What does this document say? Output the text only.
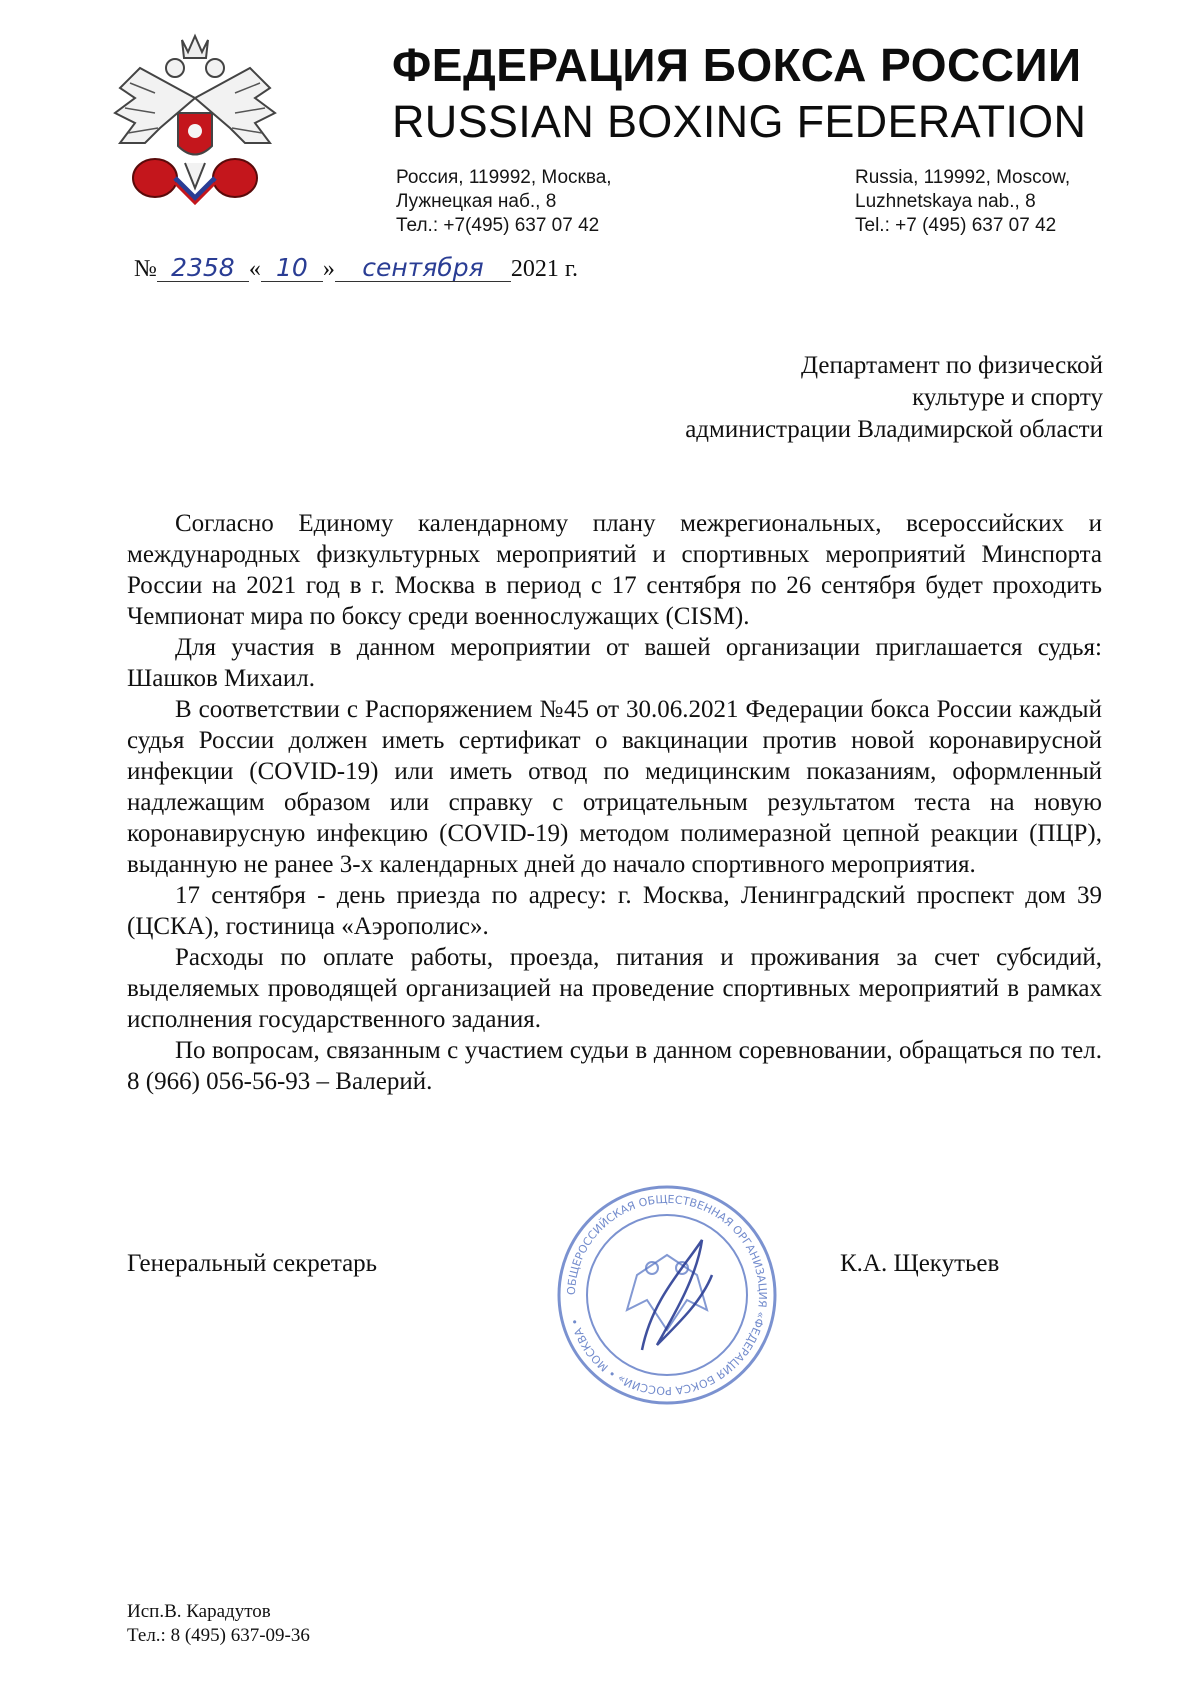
ФЕДЕРАЦИЯ БОКСА РОССИИ
RUSSIAN BOXING FEDERATION
Россия, 119992, Москва,
Лужнецкая наб., 8
Тел.: +7(495) 637 07 42
Russia, 119992, Moscow,
Luzhnetskaya nab., 8
Tel.: +7 (495) 637 07 42
№ 2358 « 10 » сентября 2021 г.
Департамент по физической
культуре и спорту
администрации Владимирской области

Согласно Единому календарному плану межрегиональных, всероссийских и международных физкультурных мероприятий и спортивных мероприятий Минспорта России на 2021 год в г. Москва в период с 17 сентября по 26 сентября будет проходить Чемпионат мира по боксу среди военнослужащих (CISM).

Для участия в данном мероприятии от вашей организации приглашается судья: Шашков Михаил.

В соответствии с Распоряжением №45 от 30.06.2021 Федерации бокса России каждый судья России должен иметь сертификат о вакцинации против новой коронавирусной инфекции (COVID-19) или иметь отвод по медицинским показаниям, оформленный надлежащим образом или справку с отрицательным результатом теста на новую коронавирусную инфекцию (COVID-19) методом полимеразной цепной реакции (ПЦР), выданную не ранее 3-х календарных дней до начало спортивного мероприятия.

17 сентября - день приезда по адресу: г. Москва, Ленинградский проспект дом 39 (ЦСКА), гостиница «Аэрополис».

Расходы по оплате работы, проезда, питания и проживания за счет субсидий, выделяемых проводящей организацией на проведение спортивных мероприятий в рамках исполнения государственного задания.

По вопросам, связанным с участием судьи в данном соревновании, обращаться по тел. 8 (966) 056-56-93 – Валерий.

ОБЩЕРОССИЙСКАЯ ОБЩЕСТВЕННАЯ ОРГАНИЗАЦИЯ «ФЕДЕРАЦИЯ БОКСА РОССИИ» • МОСКВА •
Генеральный секретарь	К.А. Щекутьев
Исп.В. Карадутов
Тел.: 8 (495) 637-09-36
